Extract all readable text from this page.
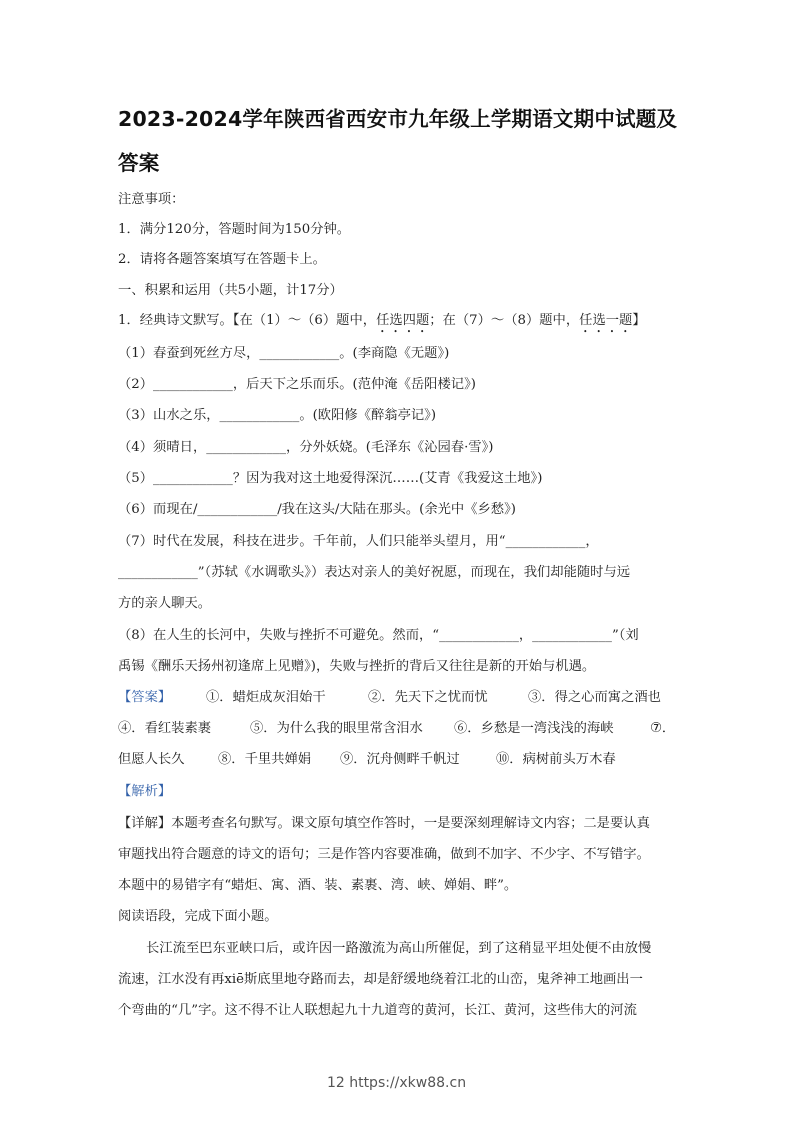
2023-2024学年陕西省西安市九年级上学期语文期中试题及
答案
注意事项：
1．满分120分，答题时间为150分钟。
2．请将各题答案填写在答题卡上。
一、积累和运用（共5小题，计17分）
1．经典诗文默写。【在（1）～（6）题中，任选四题；在（7）～（8）题中，任选一题】
（1）春蚕到死丝方尽，____________。(李商隐《无题》)
（2）____________，后天下之乐而乐。(范仲淹《岳阳楼记》)
（3）山水之乐，____________。(欧阳修《醉翁亭记》)
（4）须晴日，____________，分外妖娆。(毛泽东《沁园春·雪》)
（5）____________？因为我对这土地爱得深沉……(艾青《我爱这土地》)
（6）而现在/____________/我在这头/大陆在那头。(余光中《乡愁》)
（7）时代在发展，科技在进步。千年前，人们只能举头望月，用“____________，
____________”（苏轼《水调歌头》）表达对亲人的美好祝愿，而现在，我们却能随时与远
方的亲人聊天。
（8）在人生的长河中，失败与挫折不可避免。然而，“____________，____________”（刘
禹锡《酬乐天扬州初逢席上见赠》)，失败与挫折的背后又往往是新的开始与机遇。
【答案】	①．蜡炬成灰泪始干	②．先天下之忧而忧	③．得之心而寓之酒也
④．看红装素裹	⑤．为什么我的眼里常含泪水 ⑥．乡愁是一湾浅浅的海峡	⑦．
但愿人长久	⑧．千里共婵娟 ⑨．沉舟侧畔千帆过	⑩．病树前头万木春
【解析】
【详解】本题考查名句默写。课文原句填空作答时，一是要深刻理解诗文内容；二是要认真
审题找出符合题意的诗文的语句；三是作答内容要准确，做到不加字、不少字、不写错字。
本题中的易错字有“蜡炬、寓、酒、装、素裹、湾、峡、婵娟、畔”。
阅读语段，完成下面小题。
长江流至巴东亚峡口后，或许因一路激流为高山所催促，到了这稍显平坦处便不由放慢
流速，江水没有再xiē斯底里地夺路而去，却是舒缓地绕着江北的山峦，鬼斧神工地画出一
个弯曲的“几”字。这不得不让人联想起九十九道弯的黄河，长江、黄河，这些伟大的河流
12 https://xkw88.cn
